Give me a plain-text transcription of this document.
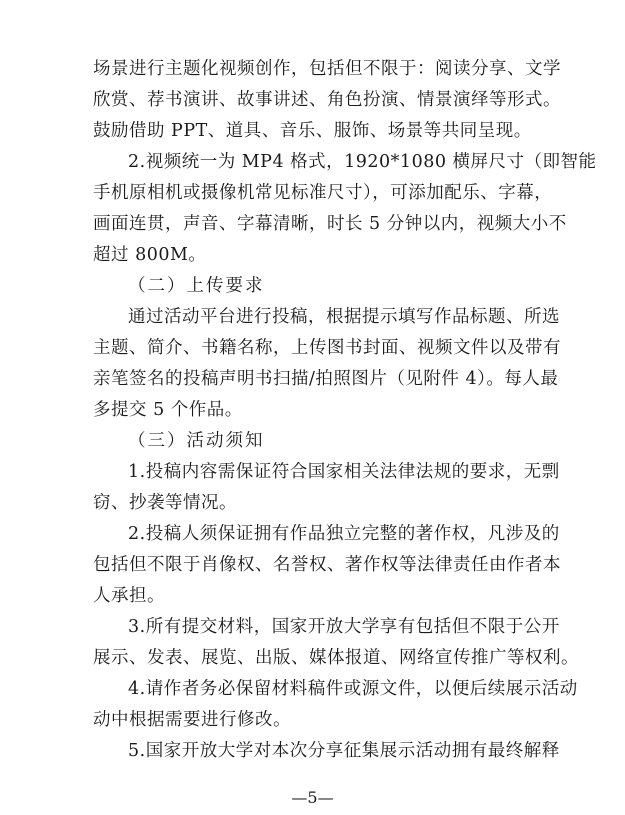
场景进行主题化视频创作，包括但不限于：阅读分享、文学
欣赏、荐书演讲、故事讲述、角色扮演、情景演绎等形式。
鼓励借助 PPT、道具、音乐、服饰、场景等共同呈现。
2.视频统一为 MP4 格式，1920*1080 横屏尺寸（即智能
手机原相机或摄像机常见标准尺寸），可添加配乐、字幕，
画面连贯，声音、字幕清晰，时长 5 分钟以内，视频大小不
超过 800M。
（二）上传要求
通过活动平台进行投稿，根据提示填写作品标题、所选
主题、简介、书籍名称，上传图书封面、视频文件以及带有
亲笔签名的投稿声明书扫描/拍照图片（见附件 4）。每人最
多提交 5 个作品。
（三）活动须知
1.投稿内容需保证符合国家相关法律法规的要求，无剽
窃、抄袭等情况。
2.投稿人须保证拥有作品独立完整的著作权，凡涉及的
包括但不限于肖像权、名誉权、著作权等法律责任由作者本
人承担。
3.所有提交材料，国家开放大学享有包括但不限于公开
展示、发表、展览、出版、媒体报道、网络宣传推广等权利。
4.请作者务必保留材料稿件或源文件，以便后续展示活动
动中根据需要进行修改。
—5—
5.国家开放大学对本次分享征集展示活动拥有最终解释
